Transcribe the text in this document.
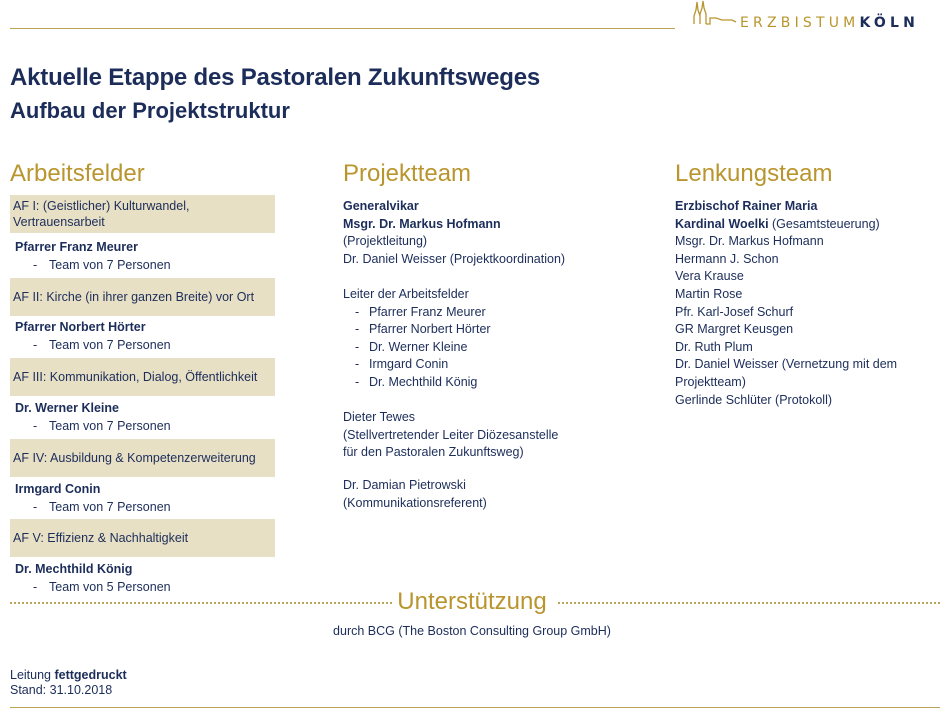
ERZBISTUMKÖLN
Aktuelle Etappe des Pastoralen Zukunftsweges
Aufbau der Projektstruktur
Arbeitsfelder
AF I: (Geistlicher) Kulturwandel, Vertrauensarbeit
Pfarrer Franz Meurer
- Team von 7 Personen
AF II: Kirche (in ihrer ganzen Breite) vor Ort
Pfarrer Norbert Hörter
- Team von 7 Personen
AF III: Kommunikation, Dialog, Öffentlichkeit
Dr. Werner Kleine
- Team von 7 Personen
AF IV: Ausbildung & Kompetenzerweiterung
Irmgard Conin
- Team von 7 Personen
AF V: Effizienz & Nachhaltigkeit
Dr. Mechthild König
- Team von 5 Personen
Projektteam
Generalvikar
Msgr. Dr. Markus Hofmann
(Projektleitung)
Dr. Daniel Weisser (Projektkoordination)
Leiter der Arbeitsfelder
- Pfarrer Franz Meurer
- Pfarrer Norbert Hörter
- Dr. Werner Kleine
- Irmgard Conin
- Dr. Mechthild König
Dieter Tewes
(Stellvertretender Leiter Diözesanstelle
für den Pastoralen Zukunftsweg)
Dr. Damian Pietrowski
(Kommunikationsreferent)
Lenkungsteam
Erzbischof Rainer Maria
Kardinal Woelki (Gesamtsteuerung)
Msgr. Dr. Markus Hofmann
Hermann J. Schon
Vera Krause
Martin Rose
Pfr. Karl-Josef Schurf
GR Margret Keusgen
Dr. Ruth Plum
Dr. Daniel Weisser (Vernetzung mit dem
Projektteam)
Gerlinde Schlüter (Protokoll)
Unterstützung
durch BCG (The Boston Consulting Group GmbH)
Leitung fettgedruckt
Stand: 31.10.2018
